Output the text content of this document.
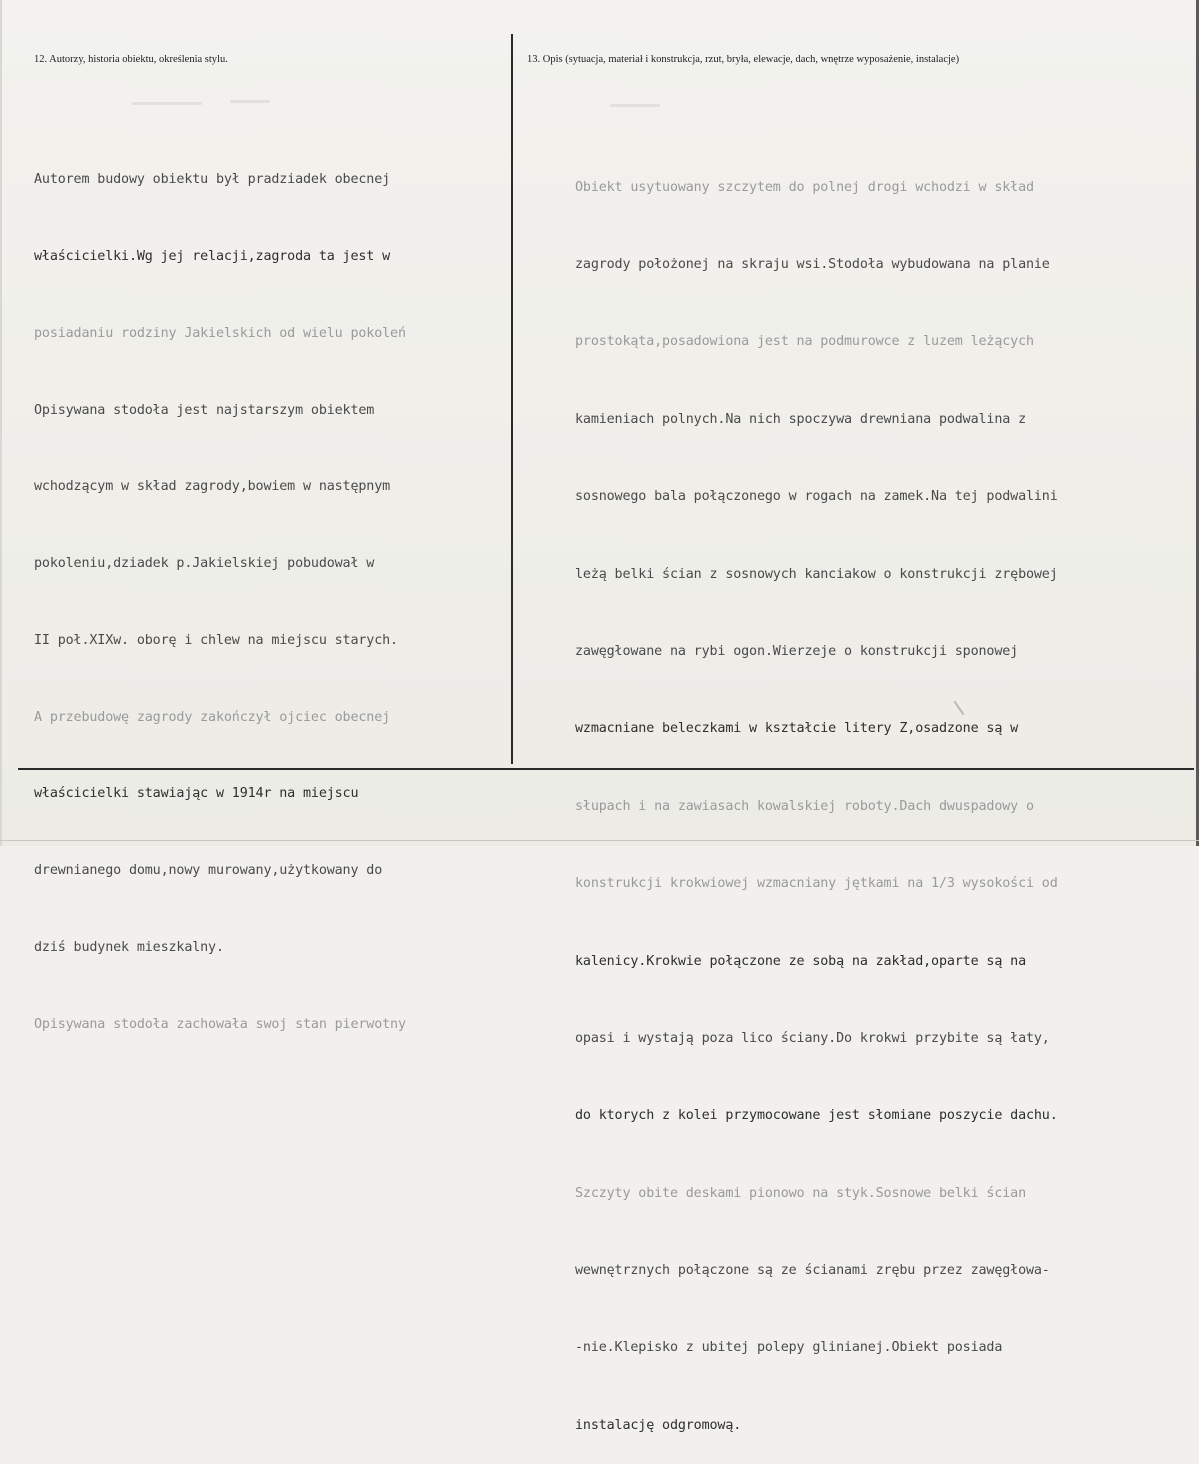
12. Autorzy, historia obiektu, określenia stylu.	13. Opis (sytuacja, materiał i konstrukcja, rzut, bryła, elewacje, dach, wnętrze wyposażenie, instalacje)

Autorem budowy obiektu był pradziadek obecnej

właścicielki.Wg jej relacji,zagroda ta jest w

posiadaniu rodziny Jakielskich od wielu pokoleń

Opisywana stodoła jest najstarszym obiektem

wchodzącym w skład zagrody,bowiem w następnym

pokoleniu,dziadek p.Jakielskiej pobudował w

II poł.XIXw. oborę i chlew na miejscu starych.

A przebudowę zagrody zakończył ojciec obecnej

właścicielki stawiając w 1914r na miejscu

drewnianego domu,nowy murowany,użytkowany do

dziś budynek mieszkalny.

Opisywana stodoła zachowała swoj stan pierwotny

Obiekt usytuowany szczytem do polnej drogi wchodzi w skład

zagrody położonej na skraju wsi.Stodoła wybudowana na planie

prostokąta,posadowiona jest na podmurowce z luzem leżących

kamieniach polnych.Na nich spoczywa drewniana podwalina z

sosnowego bala połączonego w rogach na zamek.Na tej podwalini

leżą belki ścian z sosnowych kanciakow o konstrukcji zrębowej

zawęgłowane na rybi ogon.Wierzeje o konstrukcji sponowej

wzmacniane beleczkami w kształcie litery Z,osadzone są w

słupach i na zawiasach kowalskiej roboty.Dach dwuspadowy o

konstrukcji krokwiowej wzmacniany jętkami na 1/3 wysokości od

kalenicy.Krokwie połączone ze sobą na zakład,oparte są na

opasi i wystają poza lico ściany.Do krokwi przybite są łaty,

do ktorych z kolei przymocowane jest słomiane poszycie dachu.

Szczyty obite deskami pionowo na styk.Sosnowe belki ścian

wewnętrznych połączone są ze ścianami zrębu przez zawęgłowa-

-nie.Klepisko z ubitej polepy glinianej.Obiekt posiada

instalację odgromową.
